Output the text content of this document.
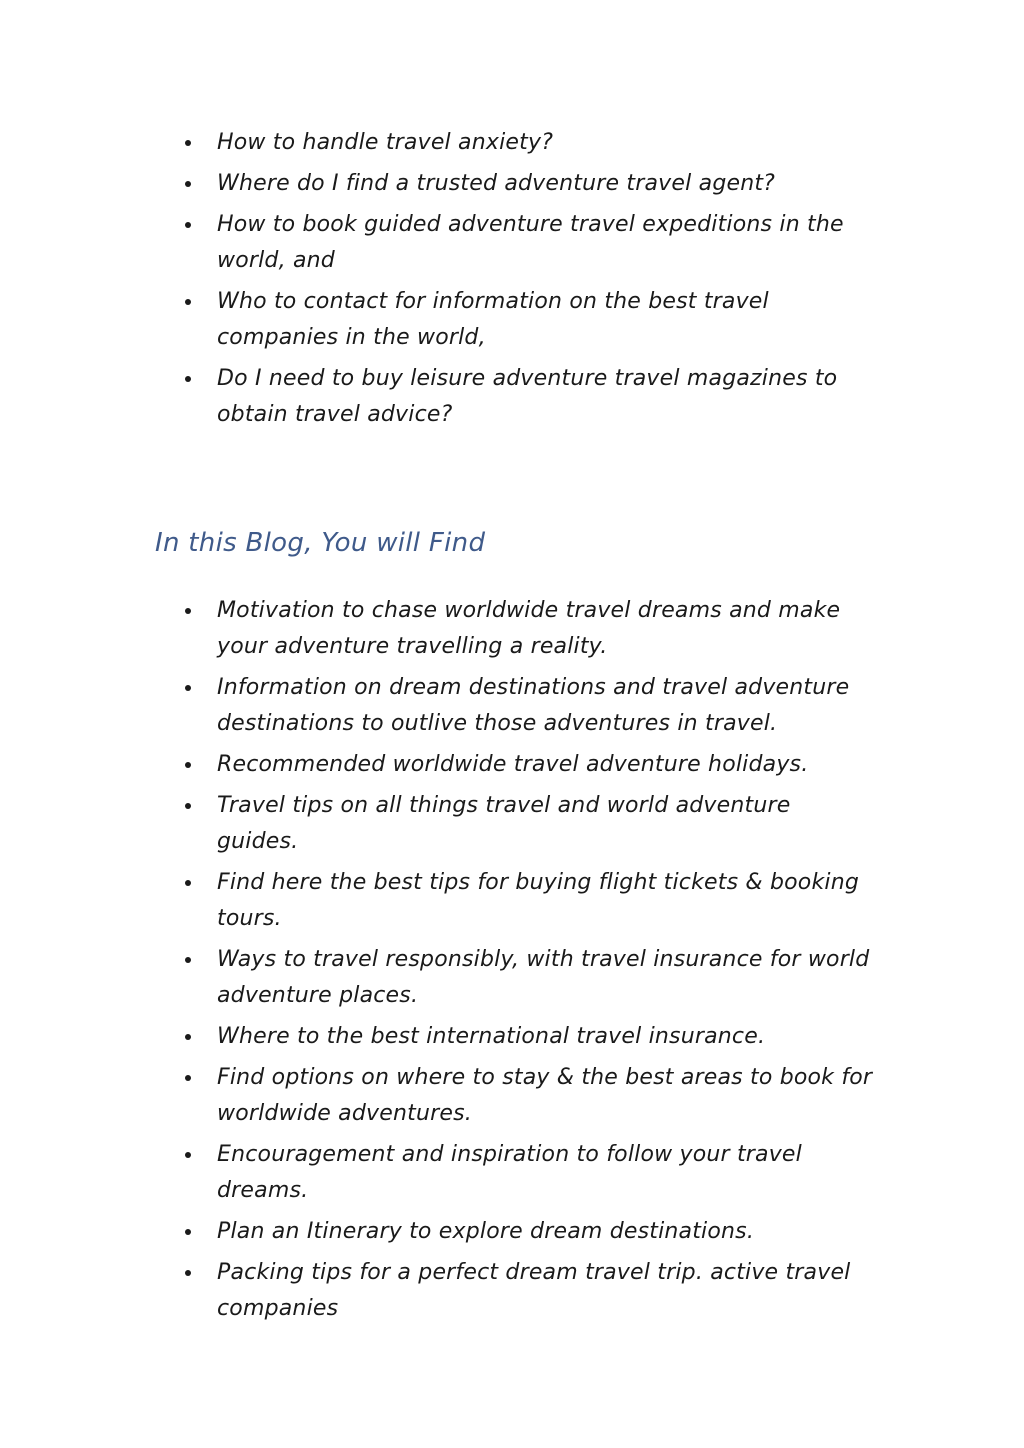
How to handle travel anxiety?
Where do I find a trusted adventure travel agent?
How to book guided adventure travel expeditions in the world, and
Who to contact for information on the best travel companies in the world,
Do I need to buy leisure adventure travel magazines to obtain travel advice?
In this Blog, You will Find
Motivation to chase worldwide travel dreams and make your adventure travelling a reality.
Information on dream destinations and travel adventure destinations to outlive those adventures in travel.
Recommended worldwide travel adventure holidays.
Travel tips on all things travel and world adventure guides.
Find here the best tips for buying flight tickets & booking tours.
Ways to travel responsibly, with travel insurance for world adventure places.
Where to the best international travel insurance.
Find options on where to stay & the best areas to book for worldwide adventures.
Encouragement and inspiration to follow your travel dreams.
Plan an Itinerary to explore dream destinations.
Packing tips for a perfect dream travel trip. active travel companies
